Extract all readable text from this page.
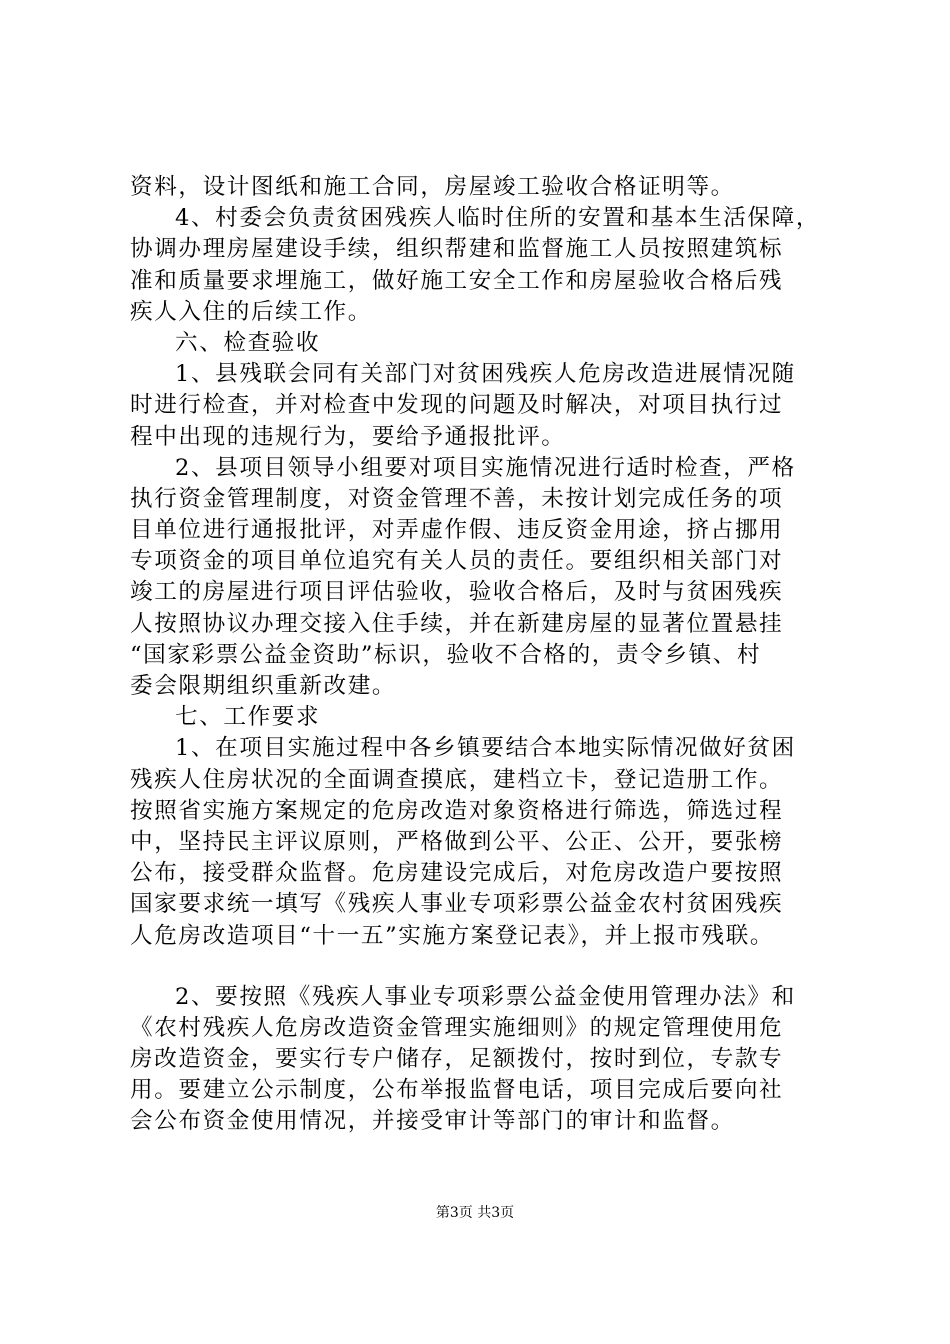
资料，设计图纸和施工合同，房屋竣工验收合格证明等。
4、村委会负责贫困残疾人临时住所的安置和基本生活保障，
协调办理房屋建设手续，组织帮建和监督施工人员按照建筑标
准和质量要求埋施工，做好施工安全工作和房屋验收合格后残
疾人入住的后续工作。
六、检查验收
1、县残联会同有关部门对贫困残疾人危房改造进展情况随
时进行检查，并对检查中发现的问题及时解决，对项目执行过
程中出现的违规行为，要给予通报批评。
2、县项目领导小组要对项目实施情况进行适时检查，严格
执行资金管理制度，对资金管理不善，未按计划完成任务的项
目单位进行通报批评，对弄虚作假、违反资金用途，挤占挪用
专项资金的项目单位追究有关人员的责任。要组织相关部门对
竣工的房屋进行项目评估验收，验收合格后，及时与贫困残疾
人按照协议办理交接入住手续，并在新建房屋的显著位置悬挂
“国家彩票公益金资助”标识，验收不合格的，责令乡镇、村
委会限期组织重新改建。
七、工作要求
1、在项目实施过程中各乡镇要结合本地实际情况做好贫困
残疾人住房状况的全面调查摸底，建档立卡，登记造册工作。
按照省实施方案规定的危房改造对象资格进行筛选，筛选过程
中，坚持民主评议原则，严格做到公平、公正、公开，要张榜
公布，接受群众监督。危房建设完成后，对危房改造户要按照
国家要求统一填写《残疾人事业专项彩票公益金农村贫困残疾
人危房改造项目“十一五”实施方案登记表》，并上报市残联。
2、要按照《残疾人事业专项彩票公益金使用管理办法》和
《农村残疾人危房改造资金管理实施细则》的规定管理使用危
房改造资金，要实行专户储存，足额拨付，按时到位，专款专
用。要建立公示制度，公布举报监督电话，项目完成后要向社
会公布资金使用情况，并接受审计等部门的审计和监督。
第3页 共3页
